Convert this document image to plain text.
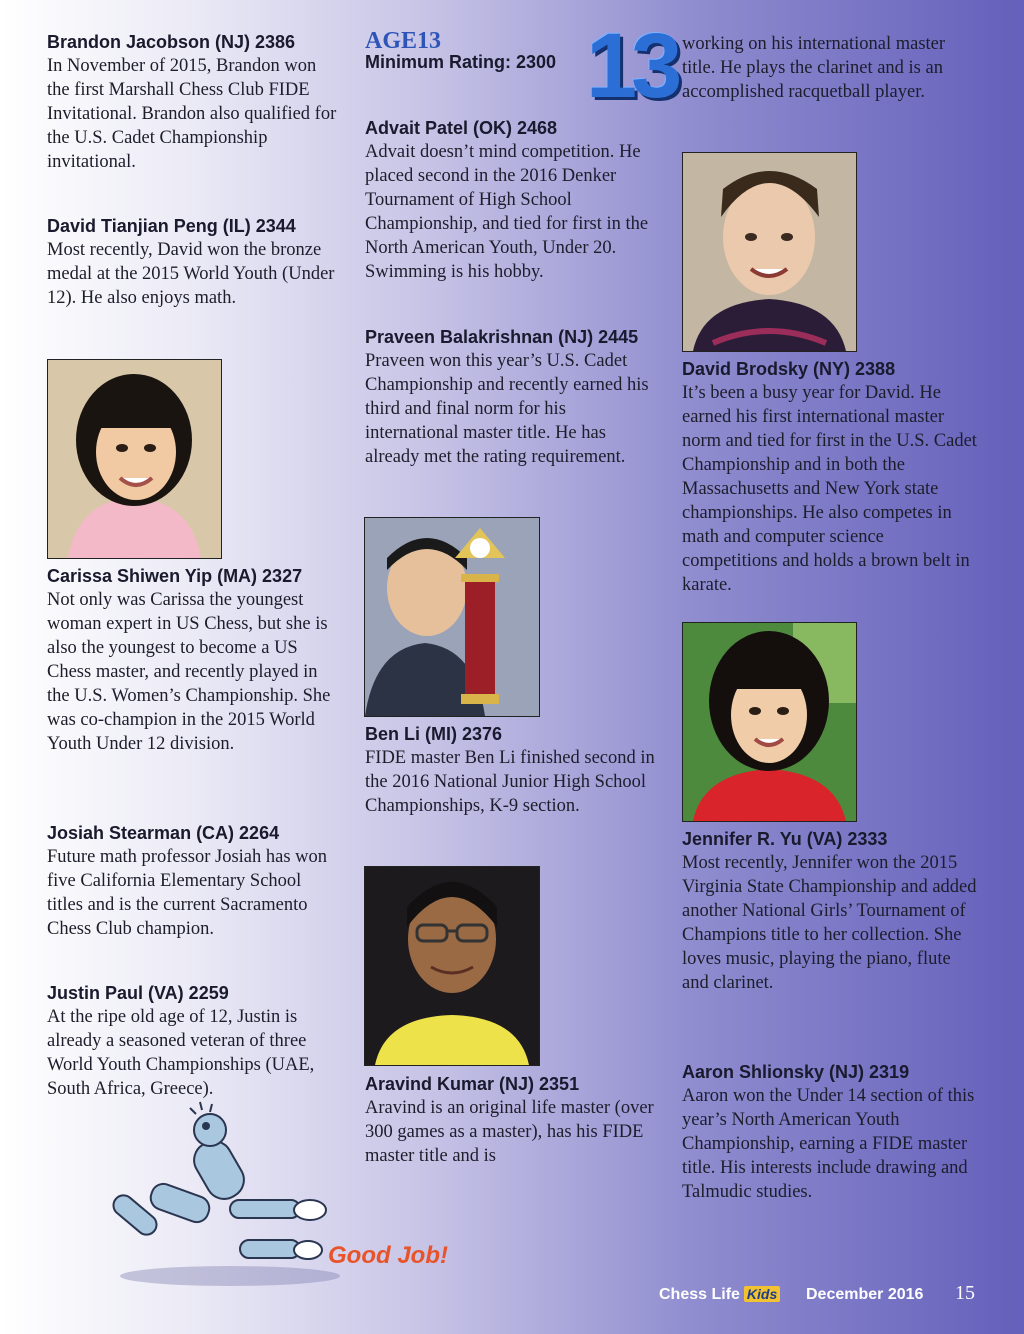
Brandon Jacobson (NJ) 2386

In November of 2015, Brandon won the first Marshall Chess Club FIDE Invitational. Brandon also qualified for the U.S. Cadet Championship invitational.

David Tianjian Peng (IL) 2344

Most recently, David won the bronze medal at the 2015 World Youth (Under 12). He also enjoys math.

Carissa Shiwen Yip (MA) 2327

Not only was Carissa the youngest woman expert in US Chess, but she is also the youngest to become a US Chess master, and recently played in the U.S. Women’s Championship. She was co-champion in the 2015 World Youth Under 12 division.

Josiah Stearman (CA) 2264

Future math professor Josiah has won five California Elementary School titles and is the current Sacramento Chess Club champion.

Justin Paul (VA) 2259

At the ripe old age of 12, Justin is already a seasoned veteran of three World Youth Championships (UAE, South Africa, Greece).

Good Job!
AGE13
Minimum Rating: 2300 13

Advait Patel (OK) 2468

Advait doesn’t mind competition. He placed second in the 2016 Denker Tournament of High School Championship, and tied for first in the North American Youth, Under 20. Swimming is his hobby.

Praveen Balakrishnan (NJ) 2445

Praveen won this year’s U.S. Cadet Championship and recently earned his third and final norm for his international master title. He has already met the rating requirement.

Ben Li (MI) 2376

FIDE master Ben Li finished second in the 2016 National Junior High School Championships, K-9 section.

Aravind Kumar (NJ) 2351

Aravind is an original life master (over 300 games as a master), has his FIDE master title and is

working on his international master title. He plays the clarinet and is an accomplished racquetball player.

David Brodsky (NY) 2388

It’s been a busy year for David. He earned his first international master norm and tied for first in the U.S. Cadet Championship and in both the Massachusetts and New York state championships. He also competes in math and computer science competitions and holds a brown belt in karate.

Jennifer R. Yu (VA) 2333

Most recently, Jennifer won the 2015 Virginia State Championship and added another National Girls’ Tournament of Champions title to her collection. She loves music, playing the piano, flute and clarinet.

Aaron Shlionsky (NJ) 2319

Aaron won the Under 14 section of this year’s North American Youth Championship, earning a FIDE master title. His interests include drawing and Talmudic studies.

Chess Life Kids	December 2016 15
